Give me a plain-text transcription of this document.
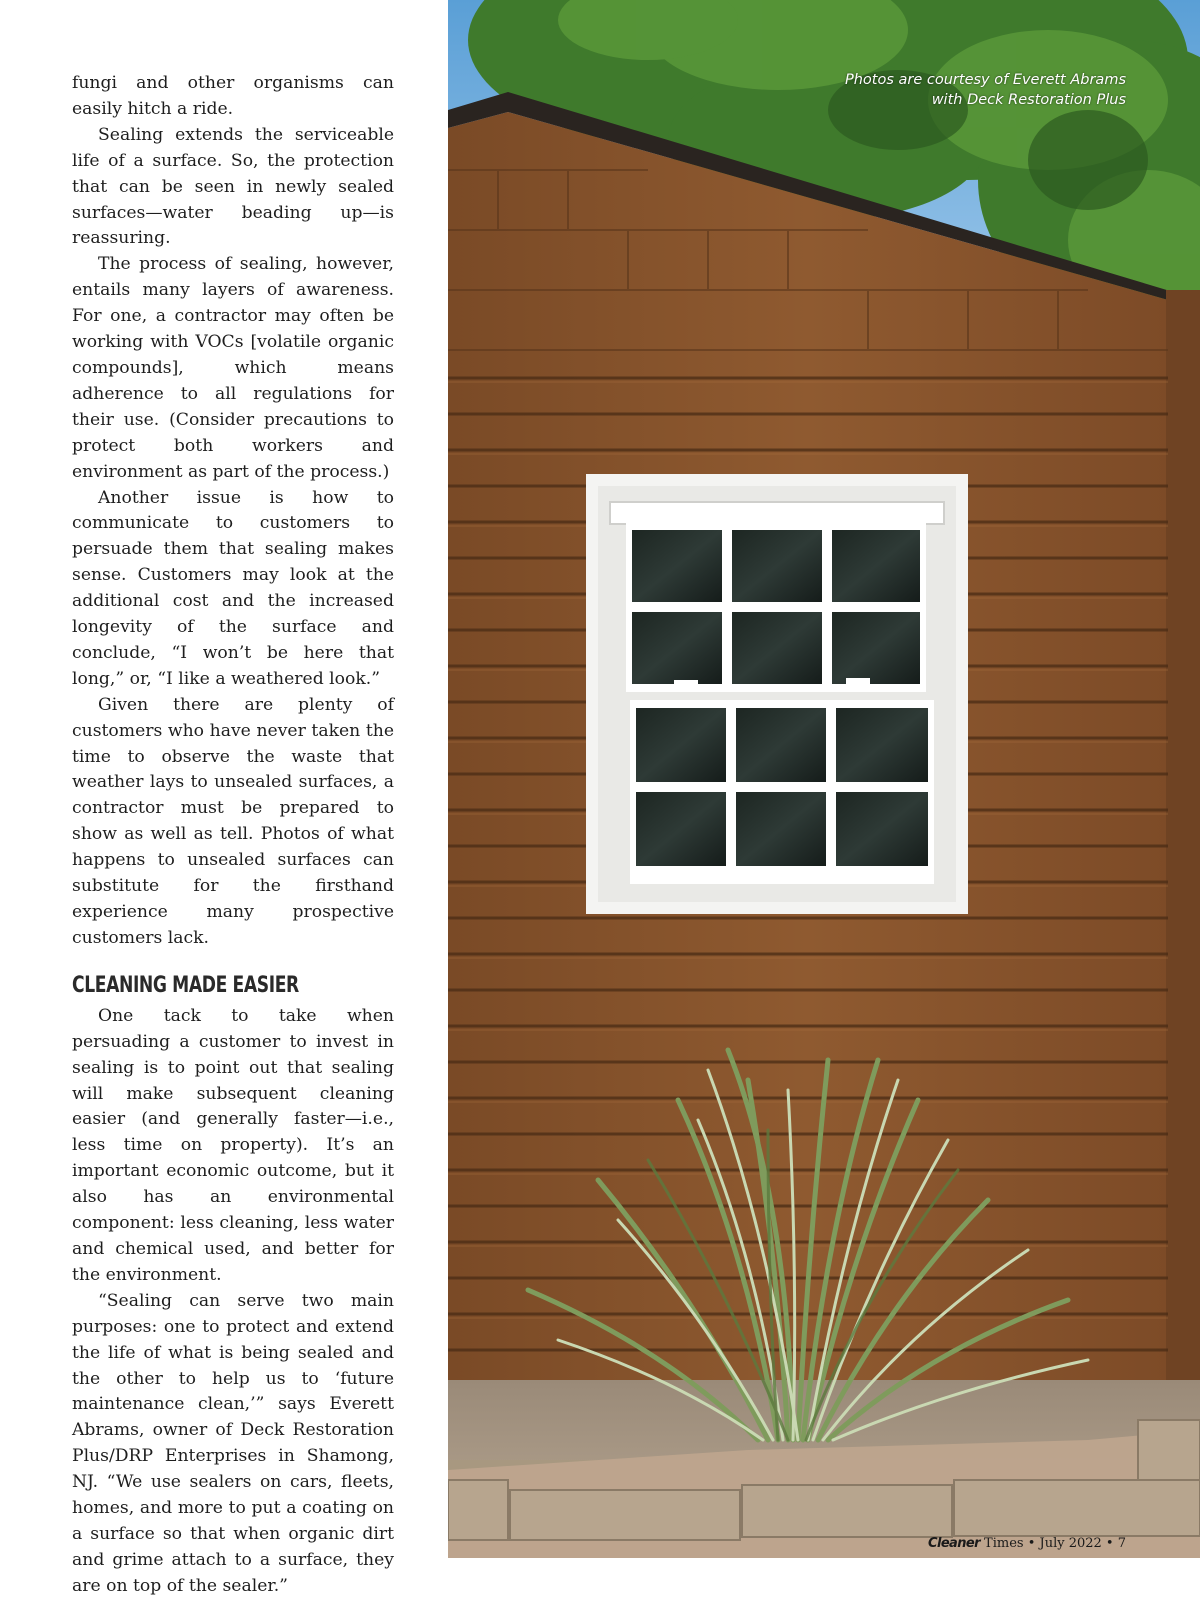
fungi and other organisms can easily hitch a ride.

Sealing extends the serviceable life of a surface. So, the protection that can be seen in newly sealed surfaces—water beading up—is reassuring.

The process of sealing, however, entails many layers of awareness. For one, a contractor may often be working with VOCs [volatile organic compounds], which means adherence to all regulations for their use. (Consider precautions to protect both workers and environment as part of the process.)

Another issue is how to communicate to customers to persuade them that sealing makes sense. Customers may look at the additional cost and the increased longevity of the surface and conclude, “I won’t be here that long,” or, “I like a weathered look.”

Given there are plenty of customers who have never taken the time to observe the waste that weather lays to unsealed surfaces, a contractor must be prepared to show as well as tell. Photos of what happens to unsealed surfaces can substitute for the firsthand experience many prospective customers lack.

CLEANING MADE EASIER

One tack to take when persuading a customer to invest in sealing is to point out that sealing will make subsequent cleaning easier (and generally faster—i.e., less time on property). It’s an important economic outcome, but it also has an environmental component: less cleaning, less water and chemical used, and better for the environment.

“Sealing can serve two main purposes: one to protect and extend the life of what is being sealed and the other to help us to ‘future maintenance clean,’” says Everett Abrams, owner of Deck Restoration Plus/DRP Enterprises in Shamong, NJ. “We use sealers on cars, fleets, homes, and more to put a coating on a surface so that when organic dirt and grime attach to a surface, they are on top of the sealer.”

Photos are courtesy of Everett Abrams
with Deck Restoration Plus
Cleaner Times • July 2022 • 7
